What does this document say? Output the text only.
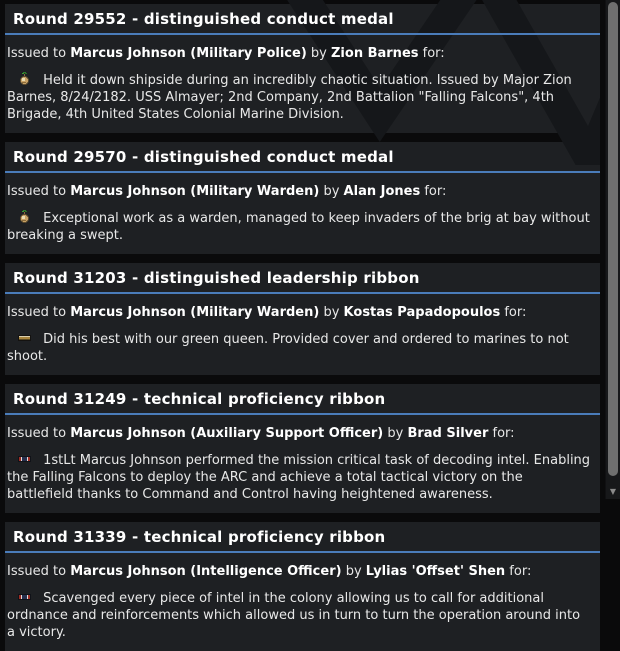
Round 29552 - distinguished conduct medal
Issued to Marcus Johnson (Military Police) by Zion Barnes for:

Held it down shipside during an incredibly chaotic situation. Issued by Major Zion Barnes, 8/24/2182. USS Almayer; 2nd Company, 2nd Battalion "Falling Falcons", 4th Brigade, 4th United States Colonial Marine Division.

Round 29570 - distinguished conduct medal
Issued to Marcus Johnson (Military Warden) by Alan Jones for:

Exceptional work as a warden, managed to keep invaders of the brig at bay without breaking a swept.

Round 31203 - distinguished leadership ribbon
Issued to Marcus Johnson (Military Warden) by Kostas Papadopoulos for:

Did his best with our green queen. Provided cover and ordered to marines to not shoot.

Round 31249 - technical proficiency ribbon
Issued to Marcus Johnson (Auxiliary Support Officer) by Brad Silver for:

1stLt Marcus Johnson performed the mission critical task of decoding intel. Enabling the Falling Falcons to deploy the ARC and achieve a total tactical victory on the battlefield thanks to Command and Control having heightened awareness.

Round 31339 - technical proficiency ribbon
Issued to Marcus Johnson (Intelligence Officer) by Lylias 'Offset' Shen for:

Scavenged every piece of intel in the colony allowing us to call for additional ordnance and reinforcements which allowed us in turn to turn the operation around into a victory.

▼
